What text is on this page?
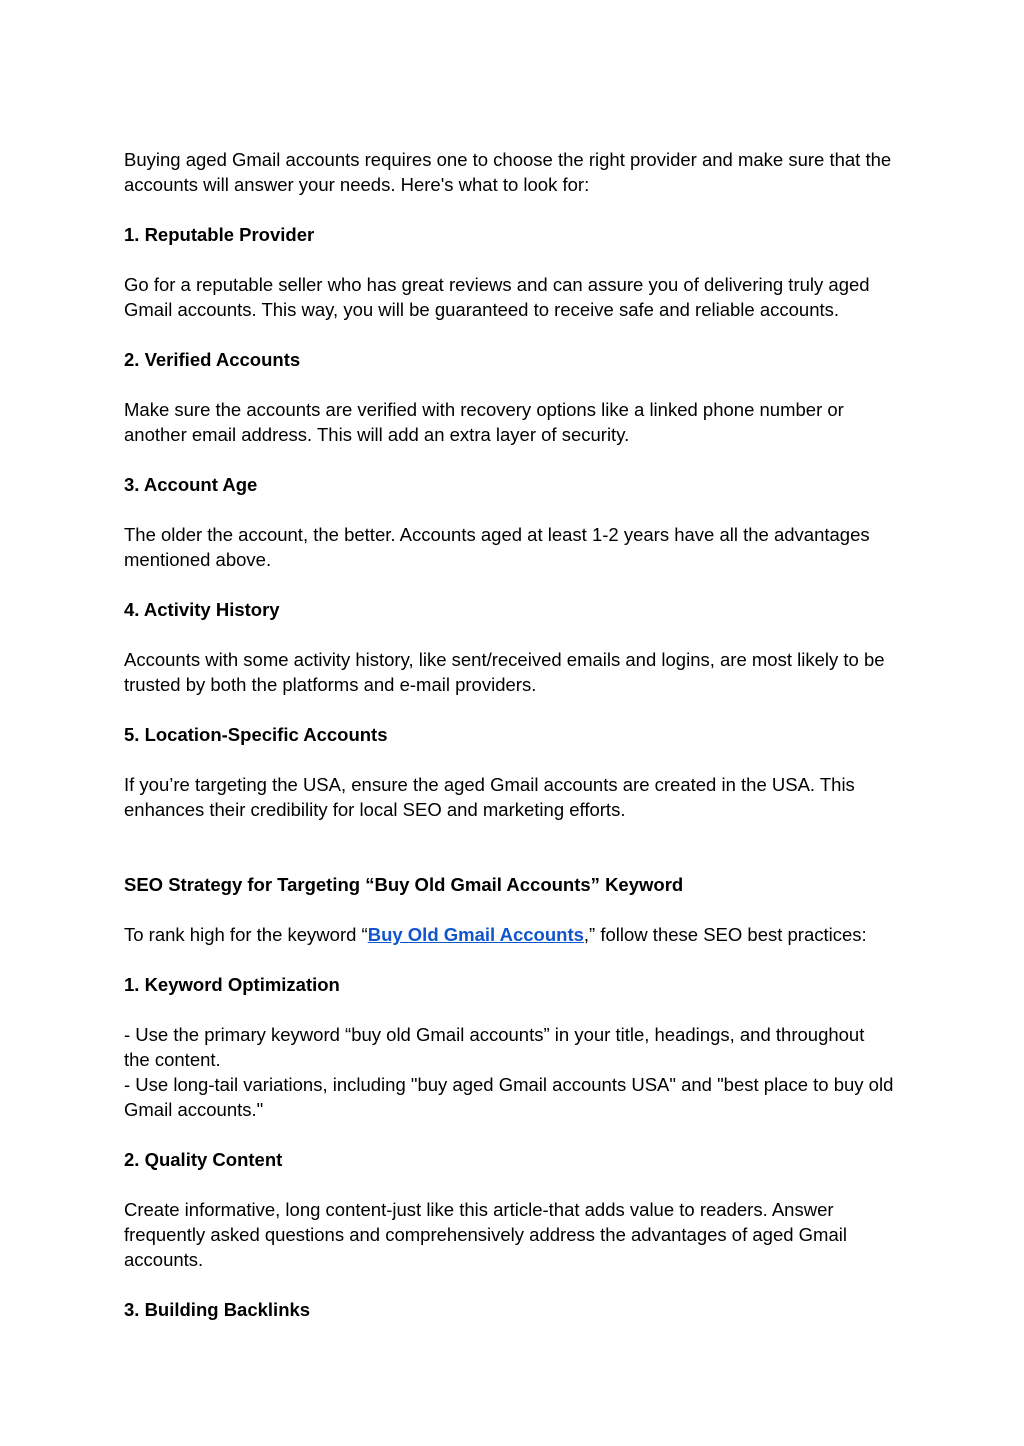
Buying aged Gmail accounts requires one to choose the right provider and make sure that the accounts will answer your needs. Here's what to look for:

1. Reputable Provider

Go for a reputable seller who has great reviews and can assure you of delivering truly aged Gmail accounts. This way, you will be guaranteed to receive safe and reliable accounts.

2. Verified Accounts

Make sure the accounts are verified with recovery options like a linked phone number or another email address. This will add an extra layer of security.

3. Account Age

The older the account, the better. Accounts aged at least 1-2 years have all the advantages mentioned above.

4. Activity History

Accounts with some activity history, like sent/received emails and logins, are most likely to be trusted by both the platforms and e-mail providers.

5. Location-Specific Accounts

If you’re targeting the USA, ensure the aged Gmail accounts are created in the USA. This enhances their credibility for local SEO and marketing efforts.

SEO Strategy for Targeting “Buy Old Gmail Accounts” Keyword

To rank high for the keyword “Buy Old Gmail Accounts,” follow these SEO best practices:

1. Keyword Optimization

- Use the primary keyword “buy old Gmail accounts” in your title, headings, and throughout the content.
- Use long-tail variations, including "buy aged Gmail accounts USA" and "best place to buy old Gmail accounts."

2. Quality Content

Create informative, long content-just like this article-that adds value to readers. Answer frequently asked questions and comprehensively address the advantages of aged Gmail accounts.

3. Building Backlinks
